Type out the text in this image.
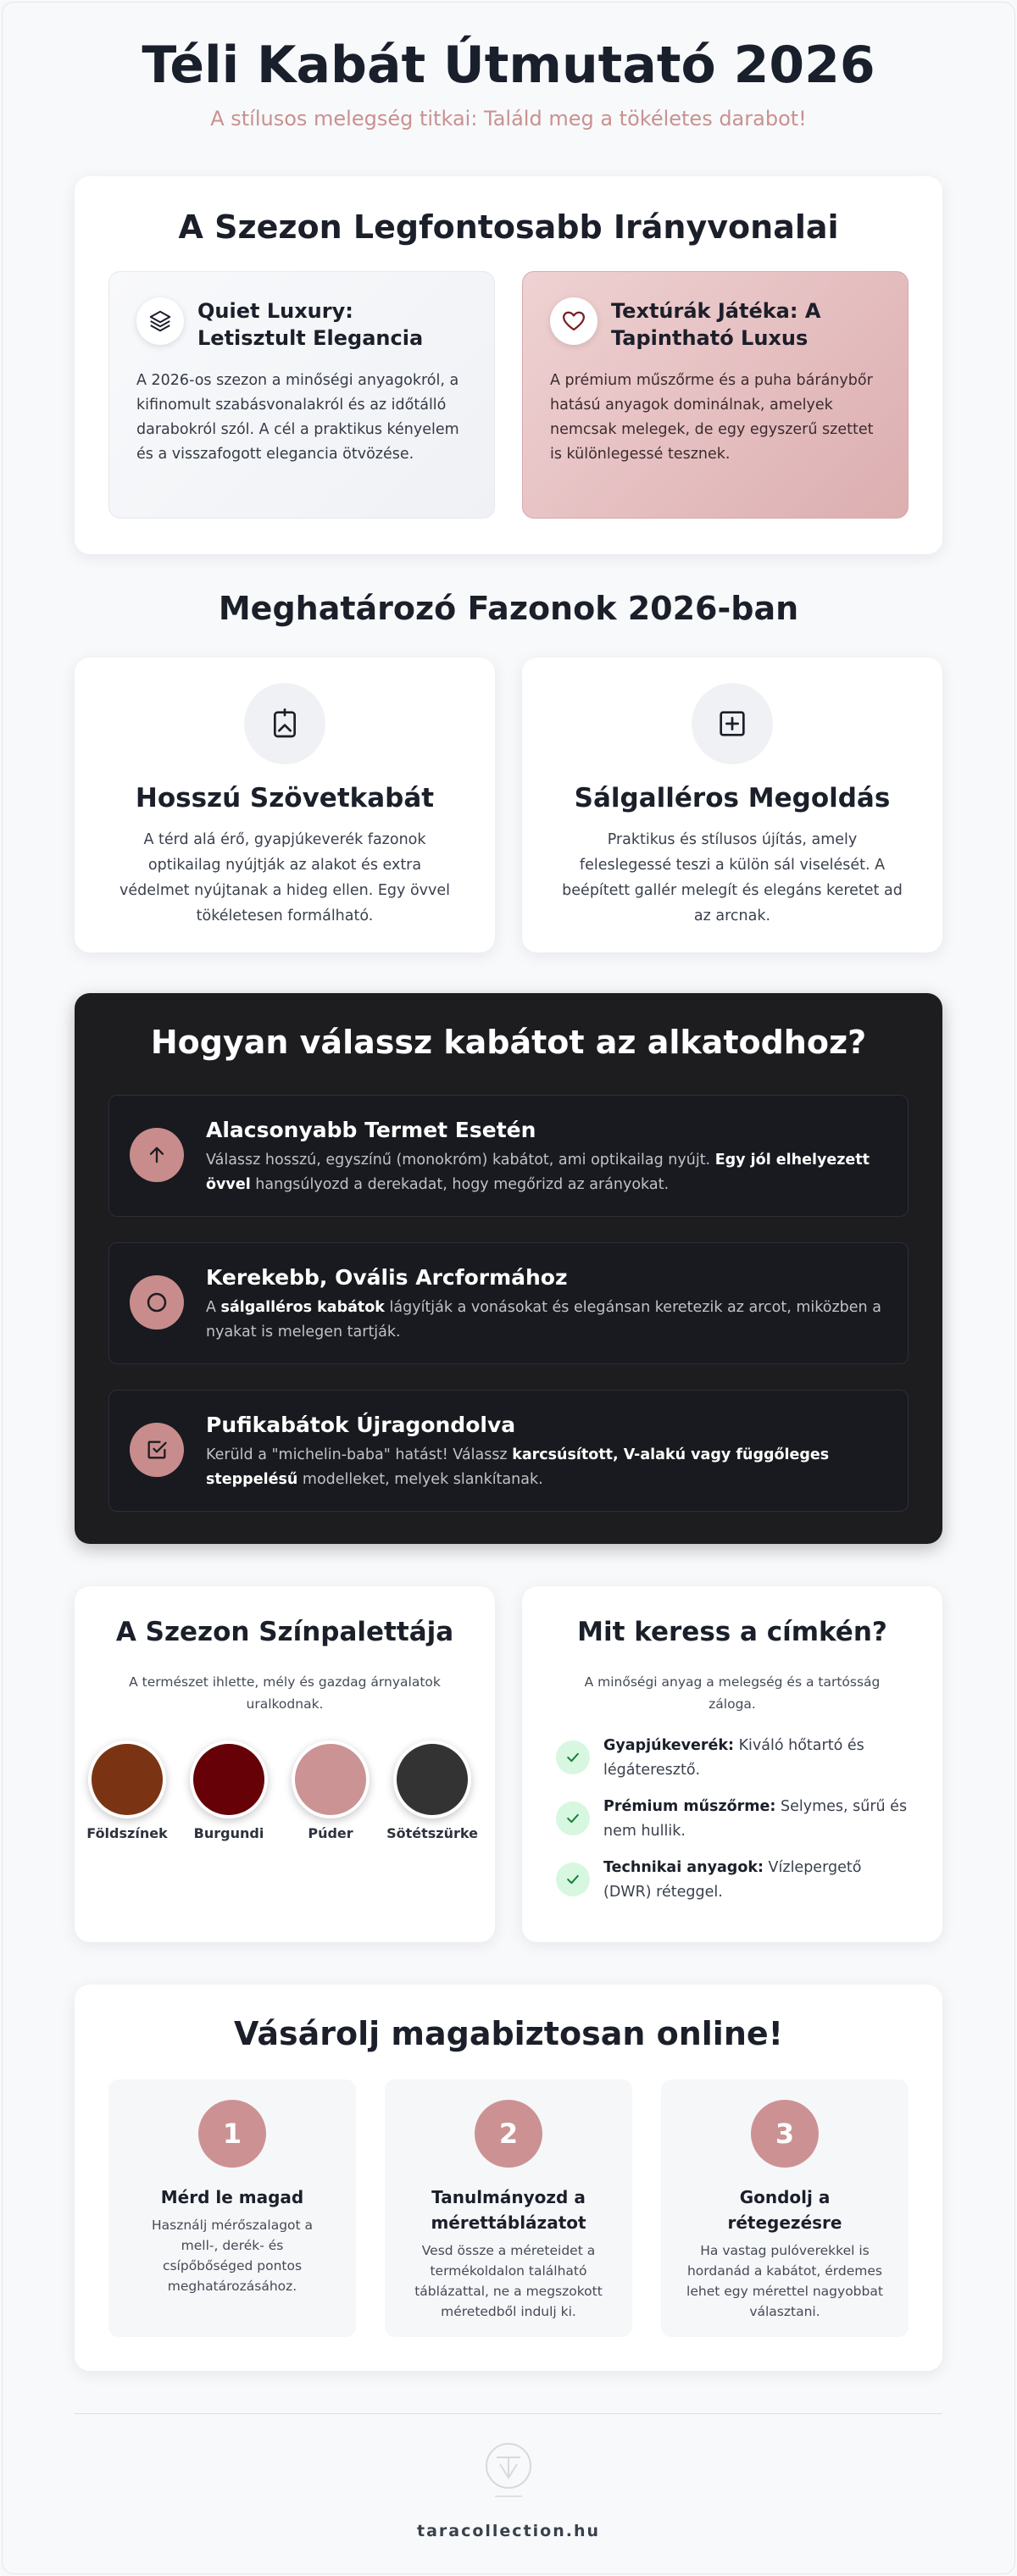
Téli Kabát Útmutató 2026
A stílusos melegség titkai: Találd meg a tökéletes darabot!
A Szezon Legfontosabb Irányvonalai
Quiet Luxury: Letisztult Elegancia

A 2026-os szezon a minőségi anyagokról, a kifinomult szabásvonalakról és az időtálló darabokról szól. A cél a praktikus kényelem és a visszafogott elegancia ötvözése.

Textúrák Játéka: A Tapintható Luxus

A prémium műszőrme és a puha báránybőr hatású anyagok dominálnak, amelyek nemcsak melegek, de egy egyszerű szettet is különlegessé tesznek.

Meghatározó Fazonok 2026-ban
Hosszú Szövetkabát

A térd alá érő, gyapjúkeverék fazonok optikailag nyújtják az alakot és extra védelmet nyújtanak a hideg ellen. Egy övvel tökéletesen formálható.

Sálgalléros Megoldás

Praktikus és stílusos újítás, amely feleslegessé teszi a külön sál viselését. A beépített gallér melegít és elegáns keretet ad az arcnak.

Hogyan válassz kabátot az alkatodhoz?
Alacsonyabb Termet Esetén

Válassz hosszú, egyszínű (monokróm) kabátot, ami optikailag nyújt. Egy jól elhelyezett övvel hangsúlyozd a derekadat, hogy megőrizd az arányokat.

Kerekebb, Ovális Arcformához

A sálgalléros kabátok lágyítják a vonásokat és elegánsan keretezik az arcot, miközben a nyakat is melegen tartják.

Pufikabátok Újragondolva

Kerüld a "michelin-baba" hatást! Válassz karcsúsított, V-alakú vagy függőleges steppelésű modelleket, melyek slankítanak.

A Szezon Színpalettája

A természet ihlette, mély és gazdag árnyalatok uralkodnak.

Földszínek	Burgundi	Púder	Sötétszürke
Mit keress a címkén?

A minőségi anyag a melegség és a tartósság záloga.

Gyapjúkeverék: Kiváló hőtartó és légáteresztő.

Prémium műszőrme: Selymes, sűrű és nem hullik.

Technikai anyagok: Vízlepergető (DWR) réteggel.

Vásárolj magabiztosan online!
1
Mérd le magad

Használj mérőszalagot a mell-, derék- és csípőbőséged pontos meghatározásához.

2
Tanulmányozd a mérettáblázatot

Vesd össze a méreteidet a termékoldalon található táblázattal, ne a megszokott méretedből indulj ki.

3
Gondolj a rétegezésre

Ha vastag pulóverekkel is hordanád a kabátot, érdemes lehet egy mérettel nagyobbat választani.

taracollection.hu
